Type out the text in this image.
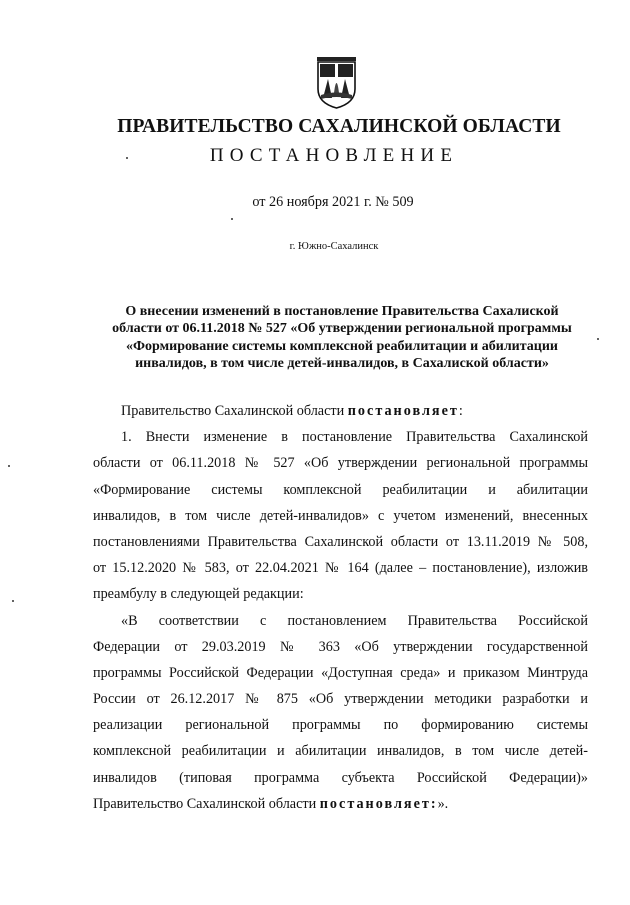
ПРАВИТЕЛЬСТВО САХАЛИНСКОЙ ОБЛАСТИ
ПОСТАНОВЛЕНИЕ
от 26 ноября 2021 г. № 509
г. Южно-Сахалинск
О внесении изменений в постановление Правительства Сахалиской
области от 06.11.2018 № 527 «Об утверждении региональной программы
«Формирование системы комплексной реабилитации и абилитации
инвалидов, в том числе детей-инвалидов, в Сахалиской области»
Правительство Сахалинской области постановляет:
1. Внести изменение в постановление Правительства Сахалинской
области от 06.11.2018 № 527 «Об утверждении региональной программы
«Формирование системы комплексной реабилитации и абилитации
инвалидов, в том числе детей-инвалидов» с учетом изменений, внесенных
постановлениями Правительства Сахалинской области от 13.11.2019 № 508,
от 15.12.2020 № 583, от 22.04.2021 № 164 (далее – постановление), изложив
преамбулу в следующей редакции:
«В соответствии с постановлением Правительства Российской
Федерации от 29.03.2019 № 363 «Об утверждении государственной
программы Российской Федерации «Доступная среда» и приказом Минтруда
России от 26.12.2017 № 875 «Об утверждении методики разработки и
реализации региональной программы по формированию системы
комплексной реабилитации и абилитации инвалидов, в том числе детей-
инвалидов (типовая программа субъекта Российской Федерации)»
Правительство Сахалинской области постановляет:».
